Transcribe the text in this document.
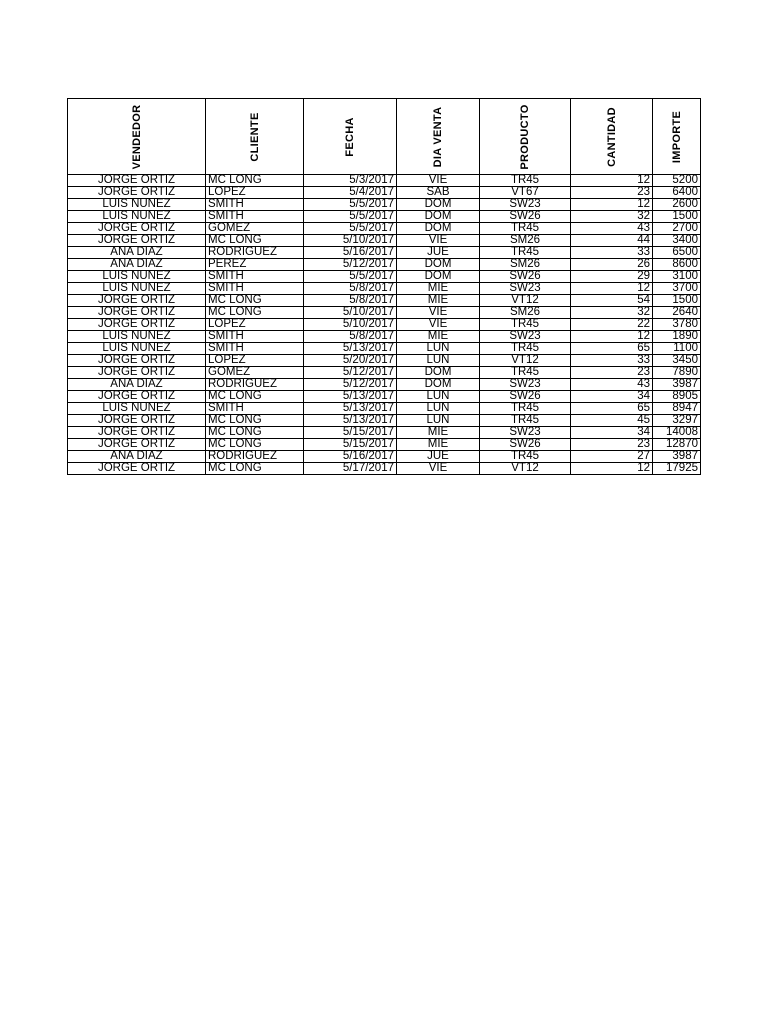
VENDEDOR	CLIENTE	FECHA	DIA VENTA	PRODUCTO	CANTIDAD	IMPORTE

JORGE ORTIZ	MC LONG	5/3/2017	VIE	TR45	12	5200
JORGE ORTIZ	LOPEZ	5/4/2017	SAB	VT67	23	6400
LUIS NUNEZ	SMITH	5/5/2017	DOM	SW23	12	2600
LUIS NUNEZ	SMITH	5/5/2017	DOM	SW26	32	1500
JORGE ORTIZ	GOMEZ	5/5/2017	DOM	TR45	43	2700
JORGE ORTIZ	MC LONG	5/10/2017	VIE	SM26	44	3400
ANA DIAZ	RODRIGUEZ	5/16/2017	JUE	TR45	33	6500
ANA DIAZ	PEREZ	5/12/2017	DOM	SM26	26	8600
LUIS NUNEZ	SMITH	5/5/2017	DOM	SW26	29	3100
LUIS NUNEZ	SMITH	5/8/2017	MIE	SW23	12	3700
JORGE ORTIZ	MC LONG	5/8/2017	MIE	VT12	54	1500
JORGE ORTIZ	MC LONG	5/10/2017	VIE	SM26	32	2640
JORGE ORTIZ	LOPEZ	5/10/2017	VIE	TR45	22	3780
LUIS NUNEZ	SMITH	5/8/2017	MIE	SW23	12	1890
LUIS NUNEZ	SMITH	5/13/2017	LUN	TR45	65	1100
JORGE ORTIZ	LOPEZ	5/20/2017	LUN	VT12	33	3450
JORGE ORTIZ	GOMEZ	5/12/2017	DOM	TR45	23	7890
ANA DIAZ	RODRIGUEZ	5/12/2017	DOM	SW23	43	3987
JORGE ORTIZ	MC LONG	5/13/2017	LUN	SW26	34	8905
LUIS NUNEZ	SMITH	5/13/2017	LUN	TR45	65	8947
JORGE ORTIZ	MC LONG	5/13/2017	LUN	TR45	45	3297
JORGE ORTIZ	MC LONG	5/15/2017	MIE	SW23	34	14008
JORGE ORTIZ	MC LONG	5/15/2017	MIE	SW26	23	12870
ANA DIAZ	RODRIGUEZ	5/16/2017	JUE	TR45	27	3987
JORGE ORTIZ	MC LONG	5/17/2017	VIE	VT12	12	17925
